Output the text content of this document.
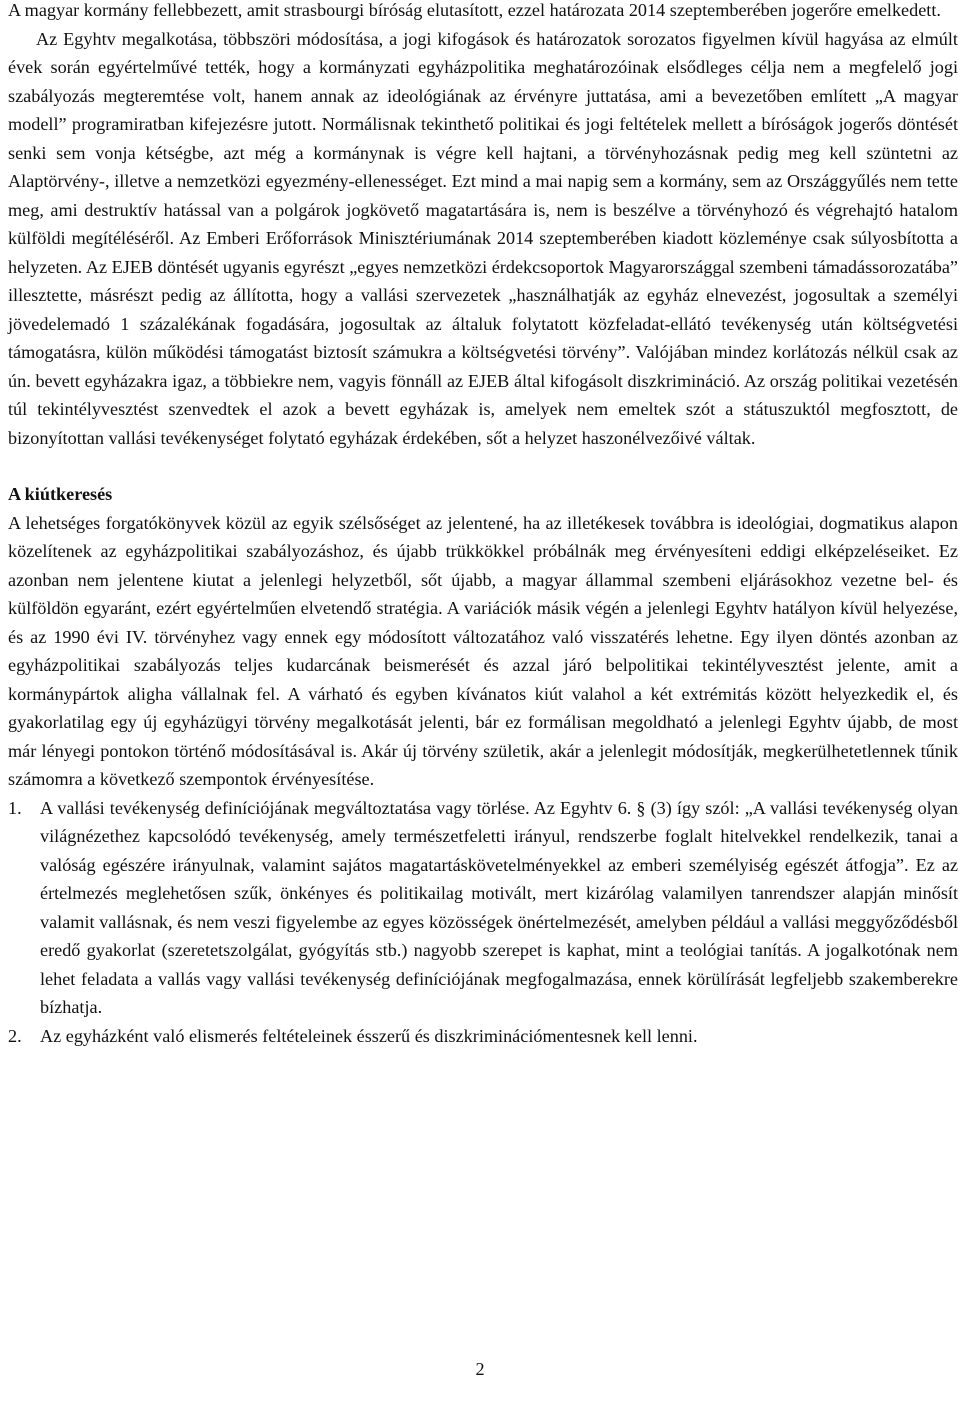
A magyar kormány fellebbezett, amit strasbourgi bíróság elutasított, ezzel határozata 2014 szeptemberében jogerőre emelkedett.

Az Egyhtv megalkotása, többszöri módosítása, a jogi kifogások és határozatok sorozatos figyelmen kívül hagyása az elmúlt évek során egyértelművé tették, hogy a kormányzati egyházpolitika meghatározóinak elsődleges célja nem a megfelelő jogi szabályozás megteremtése volt, hanem annak az ideológiának az érvényre juttatása, ami a bevezetőben említett „A magyar modell” programiratban kifejezésre jutott. Normálisnak tekinthető politikai és jogi feltételek mellett a bíróságok jogerős döntését senki sem vonja kétségbe, azt még a kormánynak is végre kell hajtani, a törvényhozásnak pedig meg kell szüntetni az Alaptörvény-, illetve a nemzetközi egyezmény-ellenességet. Ezt mind a mai napig sem a kormány, sem az Országgyűlés nem tette meg, ami destruktív hatással van a polgárok jogkövető magatartására is, nem is beszélve a törvényhozó és végrehajtó hatalom külföldi megítéléséről. Az Emberi Erőforrások Minisztériumának 2014 szeptemberében kiadott közleménye csak súlyosbította a helyzeten. Az EJEB döntését ugyanis egyrészt „egyes nemzetközi érdekcsoportok Magyarországgal szembeni támadássorozatába” illesztette, másrészt pedig az állította, hogy a vallási szervezetek „használhatják az egyház elnevezést, jogosultak a személyi jövedelemadó 1 százalékának fogadására, jogosultak az általuk folytatott közfeladat-ellátó tevékenység után költségvetési támogatásra, külön működési támogatást biztosít számukra a költségvetési törvény”. Valójában mindez korlátozás nélkül csak az ún. bevett egyházakra igaz, a többiekre nem, vagyis fönnáll az EJEB által kifogásolt diszkrimináció. Az ország politikai vezetésén túl tekintélyvesztést szenvedtek el azok a bevett egyházak is, amelyek nem emeltek szót a státuszuktól megfosztott, de bizonyítottan vallási tevékenységet folytató egyházak érdekében, sőt a helyzet haszonélvezőivé váltak.

A kiútkeresés

A lehetséges forgatókönyvek közül az egyik szélsőséget az jelentené, ha az illetékesek továbbra is ideológiai, dogmatikus alapon közelítenek az egyházpolitikai szabályozáshoz, és újabb trükkökkel próbálnák meg érvényesíteni eddigi elképzeléseiket. Ez azonban nem jelentene kiutat a jelenlegi helyzetből, sőt újabb, a magyar állammal szembeni eljárásokhoz vezetne bel- és külföldön egyaránt, ezért egyértelműen elvetendő stratégia. A variációk másik végén a jelenlegi Egyhtv hatályon kívül helyezése, és az 1990 évi IV. törvényhez vagy ennek egy módosított változatához való visszatérés lehetne. Egy ilyen döntés azonban az egyházpolitikai szabályozás teljes kudarcának beismerését és azzal járó belpolitikai tekintélyvesztést jelente, amit a kormánypártok aligha vállalnak fel. A várható és egyben kívánatos kiút valahol a két extrémitás között helyezkedik el, és gyakorlatilag egy új egyházügyi törvény megalkotását jelenti, bár ez formálisan megoldható a jelenlegi Egyhtv újabb, de most már lényegi pontokon történő módosításával is. Akár új törvény születik, akár a jelenlegit módosítják, megkerülhetetlennek tűnik számomra a következő szempontok érvényesítése.

1. A vallási tevékenység definíciójának megváltoztatása vagy törlése. Az Egyhtv 6. § (3) így szól: „A vallási tevékenység olyan világnézethez kapcsolódó tevékenység, amely természetfeletti irányul, rendszerbe foglalt hitelvekkel rendelkezik, tanai a valóság egészére irányulnak, valamint sajátos magatartáskövetelményekkel az emberi személyiség egészét átfogja”. Ez az értelmezés meglehetősen szűk, önkényes és politikailag motivált, mert kizárólag valamilyen tanrendszer alapján minősít valamit vallásnak, és nem veszi figyelembe az egyes közösségek önértelmezését, amelyben például a vallási meggyőződésből eredő gyakorlat (szeretetszolgálat, gyógyítás stb.) nagyobb szerepet is kaphat, mint a teológiai tanítás. A jogalkotónak nem lehet feladata a vallás vagy vallási tevékenység definíciójának megfogalmazása, ennek körülírását legfeljebb szakemberekre bízhatja.
2. Az egyházként való elismerés feltételeinek ésszerű és diszkriminációmentesnek kell lenni.
2
